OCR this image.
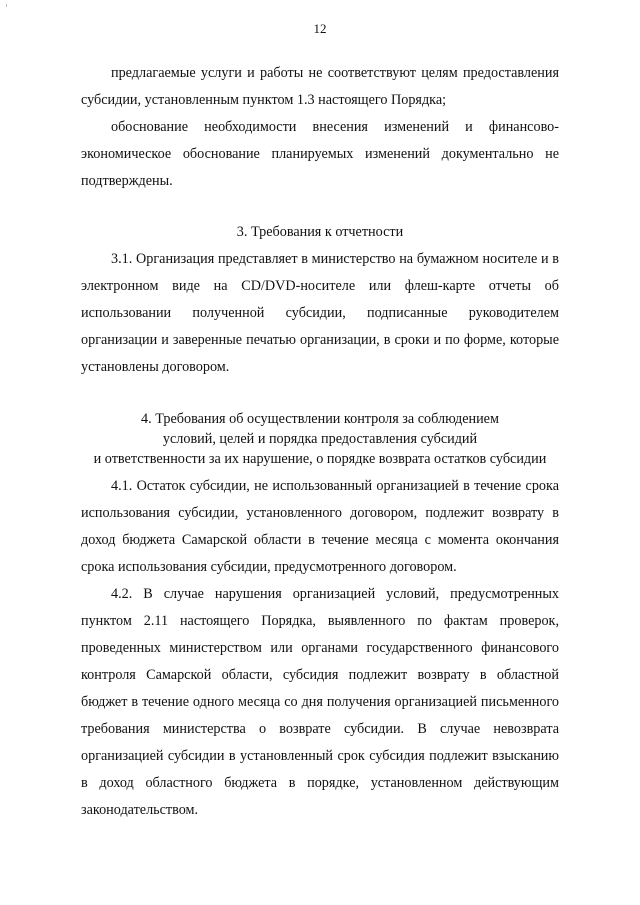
12

предлагаемые услуги и работы не соответствуют целям предоставления субсидии, установленным пунктом 1.3 настоящего Порядка;

обоснование необходимости внесения изменений и финансово-экономическое обоснование планируемых изменений документально не подтверждены.

3. Требования к отчетности

3.1. Организация представляет в министерство на бумажном носителе и в электронном виде на CD/DVD-носителе или флеш-карте отчеты об использовании полученной субсидии, подписанные руководителем организации и заверенные печатью организации, в сроки и по форме, которые установлены договором.

4. Требования об осуществлении контроля за соблюдением
условий, целей и порядка предоставления субсидий
и ответственности за их нарушение, о порядке возврата остатков субсидии

4.1. Остаток субсидии, не использованный организацией в течение срока использования субсидии, установленного договором, подлежит возврату в доход бюджета Самарской области в течение месяца с момента окончания срока использования субсидии, предусмотренного договором.

4.2. В случае нарушения организацией условий, предусмотренных пунктом 2.11 настоящего Порядка, выявленного по фактам проверок, проведенных министерством или органами государственного финансового контроля Самарской области, субсидия подлежит возврату в областной бюджет в течение одного месяца со дня получения организацией письменного требования министерства о возврате субсидии. В случае невозврата организацией субсидии в установленный срок субсидия подлежит взысканию в доход областного бюджета в порядке, установленном действующим законодательством.
